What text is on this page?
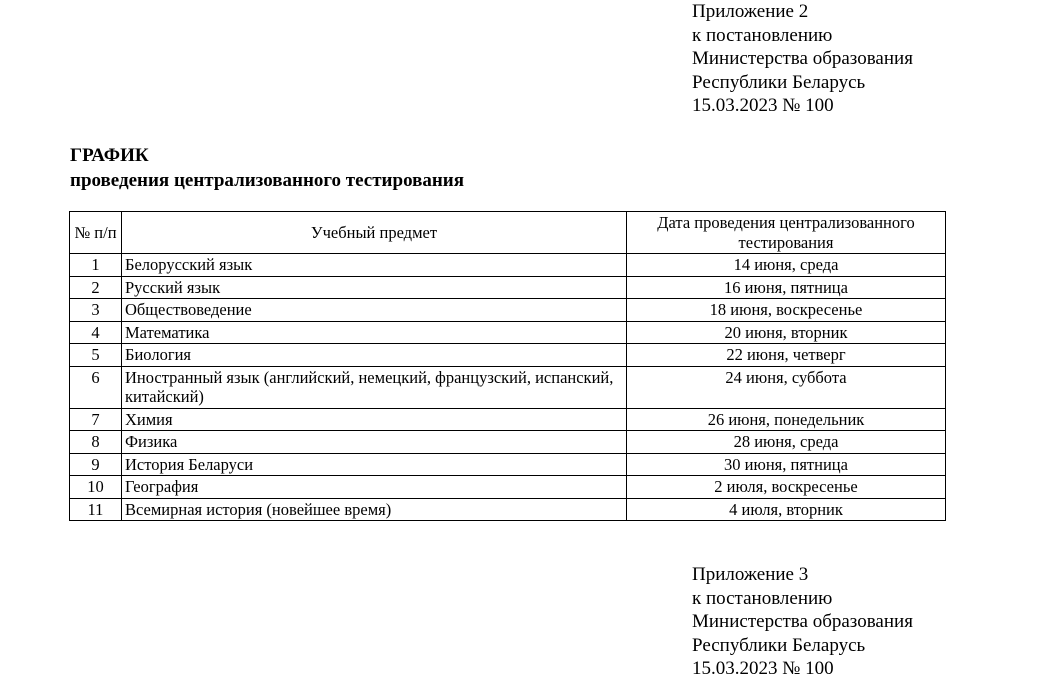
Приложение 2
к постановлению
Министерства образования
Республики Беларусь
15.03.2023 № 100
ГРАФИК
проведения централизованного тестирования
№ п/п	Учебный предмет	Дата проведения централизованного тестирования
1	Белорусский язык	14 июня, среда
2	Русский язык	16 июня, пятница
3	Обществоведение	18 июня, воскресенье
4	Математика	20 июня, вторник
5	Биология	22 июня, четверг
6	Иностранный язык (английский, немецкий, французский, испанский, китайский)	24 июня, суббота
7	Химия	26 июня, понедельник
8	Физика	28 июня, среда
9	История Беларуси	30 июня, пятница
10	География	2 июля, воскресенье
11	Всемирная история (новейшее время)	4 июля, вторник
Приложение 3
к постановлению
Министерства образования
Республики Беларусь
15.03.2023 № 100
